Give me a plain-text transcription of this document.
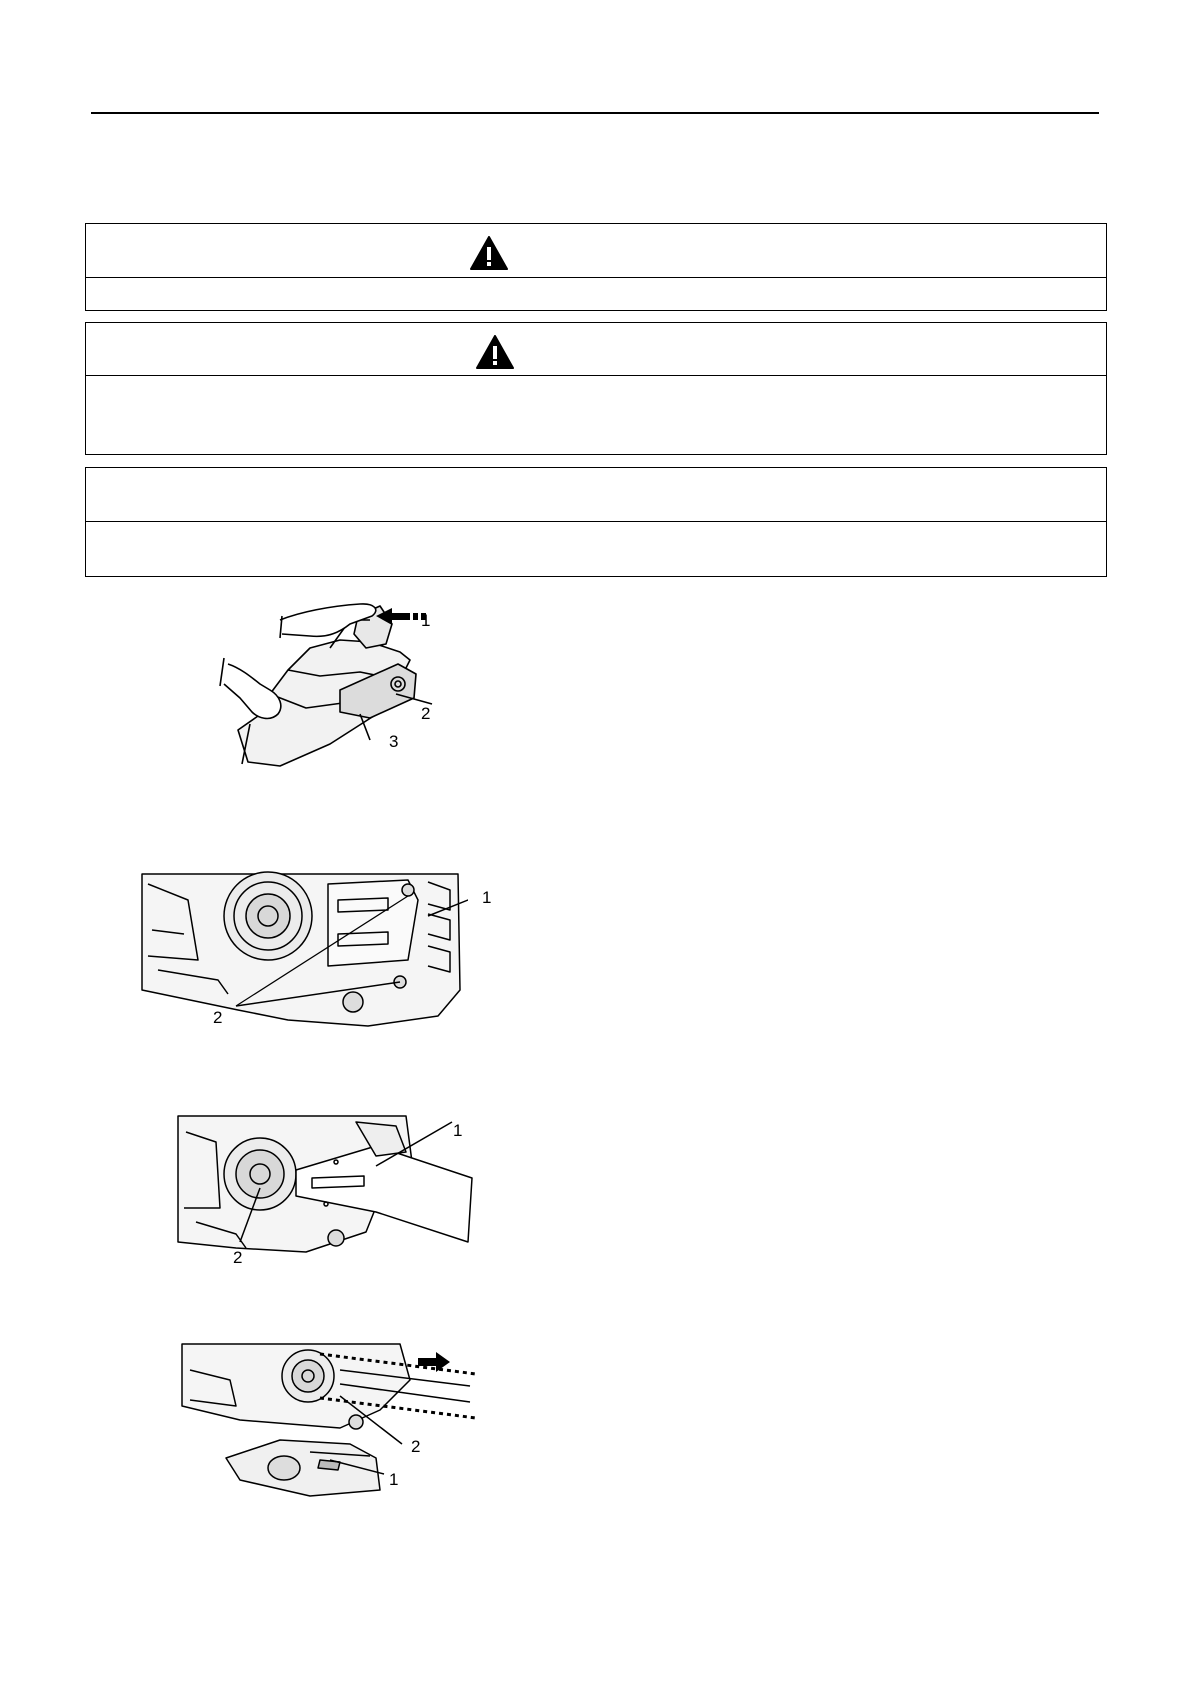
1
2
3
1
2
1
2
2
1
